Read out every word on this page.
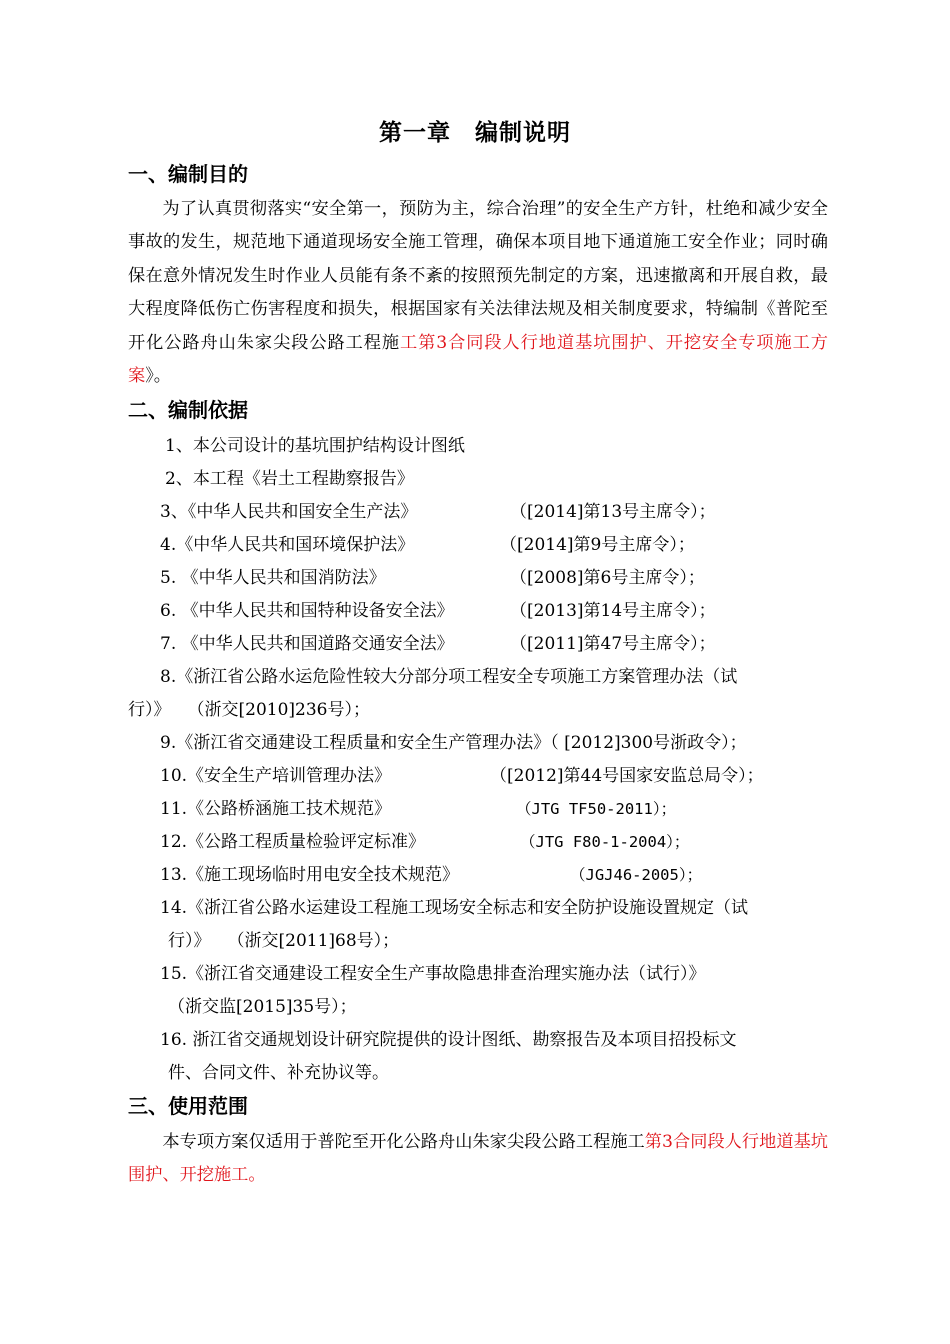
第一章　编制说明
一、编制目的

为了认真贯彻落实“安全第一，预防为主，综合治理”的安全生产方针，杜绝和减少安全事故的发生，规范地下通道现场安全施工管理，确保本项目地下通道施工安全作业；同时确保在意外情况发生时作业人员能有条不紊的按照预先制定的方案，迅速撤离和开展自救，最大程度降低伤亡伤害程度和损失，根据国家有关法律法规及相关制度要求，特编制《普陀至开化公路舟山朱家尖段公路工程施工第3合同段人行地道基坑围护、开挖安全专项施工方案》。

二、编制依据
1、本公司设计的基坑围护结构设计图纸
2、本工程《岩土工程勘察报告》
3、《中华人民共和国安全生产法》	（[2014]第13号主席令）；
4.《中华人民共和国环境保护法》	（[2014]第9号主席令）；
5. 《中华人民共和国消防法》	（[2008]第6号主席令）；
6. 《中华人民共和国特种设备安全法》	（[2013]第14号主席令）；
7. 《中华人民共和国道路交通安全法》	（[2011]第47号主席令）；
8.《浙江省公路水运危险性较大分部分项工程安全专项施工方案管理办法（试
行）》　　（浙交[2010]236号）；
9.《浙江省交通建设工程质量和安全生产管理办法》（ [2012]300号浙政令）；
10.《安全生产培训管理办法》	（[2012]第44号国家安监总局令）；
11.《公路桥涵施工技术规范》	（JTG TF50-2011）；
12.《公路工程质量检验评定标准》	（JTG F80-1-2004）；
13.《施工现场临时用电安全技术规范》	（JGJ46-2005）；
14.《浙江省公路水运建设工程施工现场安全标志和安全防护设施设置规定（试
行）》　　（浙交[2011]68号）；
15.《浙江省交通建设工程安全生产事故隐患排查治理实施办法（试行）》
（浙交监[2015]35号）；
16. 浙江省交通规划设计研究院提供的设计图纸、勘察报告及本项目招投标文
件、合同文件、补充协议等。
三、使用范围

本专项方案仅适用于普陀至开化公路舟山朱家尖段公路工程施工第3合同段人行地道基坑围护、开挖施工。
